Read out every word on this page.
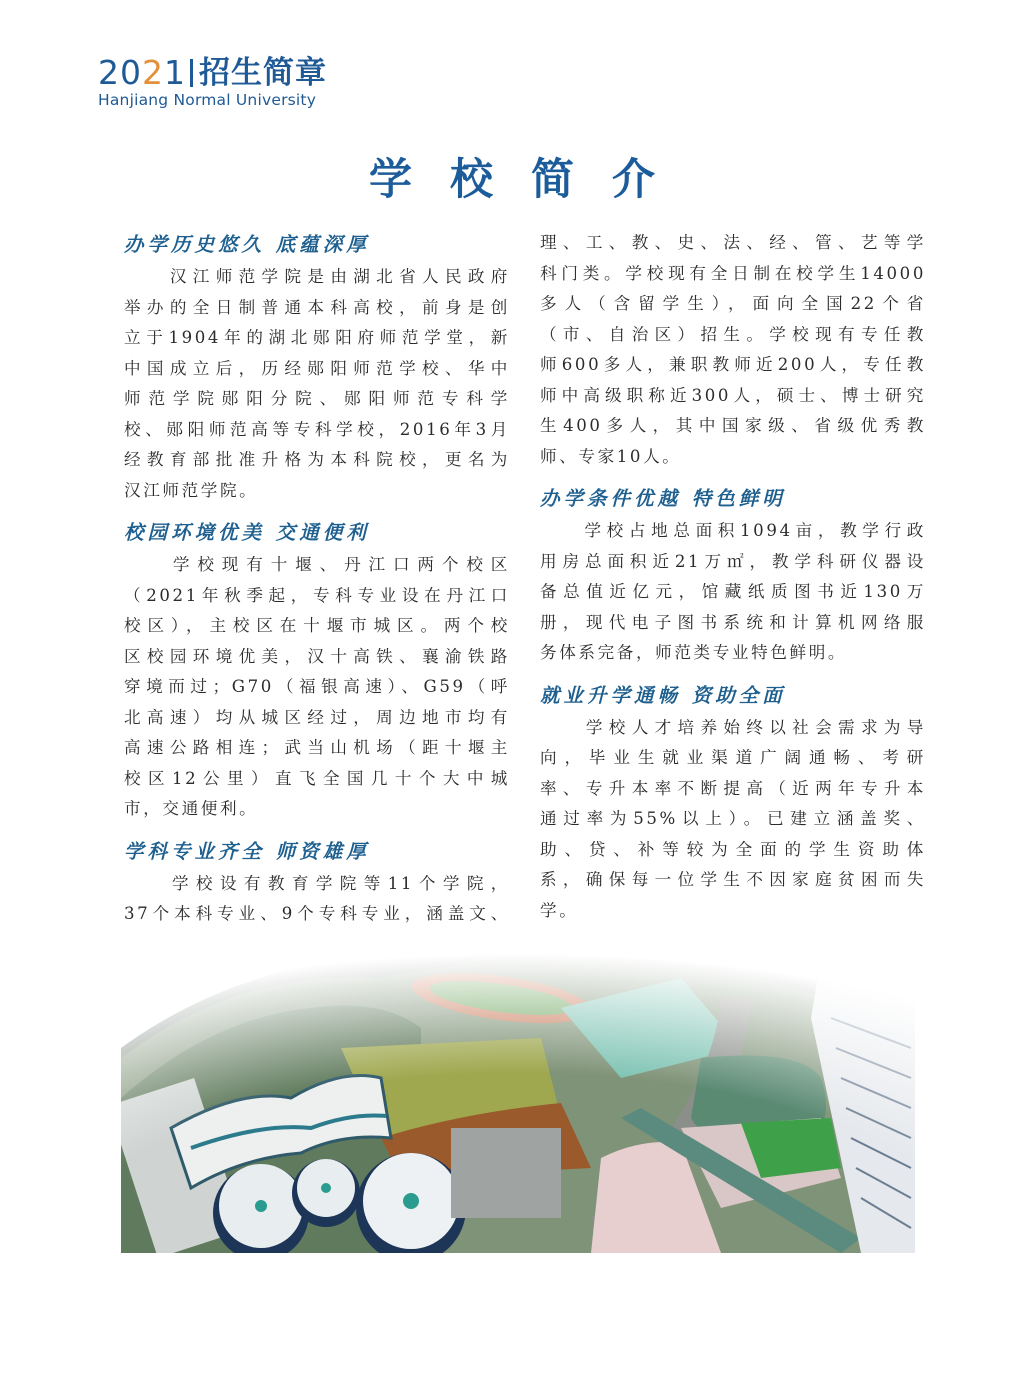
2021 招生简章
Hanjiang Normal University
学校简介
办学历史悠久 底蕴深厚
　　汉江师范学院是由湖北省人民政府
举办的全日制普通本科高校，前身是创
立于1904年的湖北郧阳府师范学堂，新
中国成立后，历经郧阳师范学校、华中
师范学院郧阳分院、郧阳师范专科学
校、郧阳师范高等专科学校，2016年3月
经教育部批准升格为本科院校，更名为
汉江师范学院。
校园环境优美 交通便利
　　学校现有十堰、丹江口两个校区
（2021年秋季起，专科专业设在丹江口
校区），主校区在十堰市城区。两个校
区校园环境优美，汉十高铁、襄渝铁路
穿境而过；G70（福银高速）、G59（呼
北高速）均从城区经过，周边地市均有
高速公路相连；武当山机场（距十堰主
校区12公里）直飞全国几十个大中城
市，交通便利。
学科专业齐全 师资雄厚
　　学校设有教育学院等11个学院，
37个本科专业、9个专科专业，涵盖文、
理、工、教、史、法、经、管、艺等学
科门类。学校现有全日制在校学生14000
多人（含留学生），面向全国22个省
（市、自治区）招生。学校现有专任教
师600多人，兼职教师近200人，专任教
师中高级职称近300人，硕士、博士研究
生400多人，其中国家级、省级优秀教
师、专家10人。
办学条件优越 特色鲜明
　　学校占地总面积1094亩，教学行政
用房总面积近21万㎡，教学科研仪器设
备总值近亿元，馆藏纸质图书近130万
册，现代电子图书系统和计算机网络服
务体系完备，师范类专业特色鲜明。
就业升学通畅 资助全面
　　学校人才培养始终以社会需求为导
向，毕业生就业渠道广阔通畅、考研
率、专升本率不断提高（近两年专升本
通过率为55%以上）。已建立涵盖奖、
助、贷、补等较为全面的学生资助体
系，确保每一位学生不因家庭贫困而失
学。
